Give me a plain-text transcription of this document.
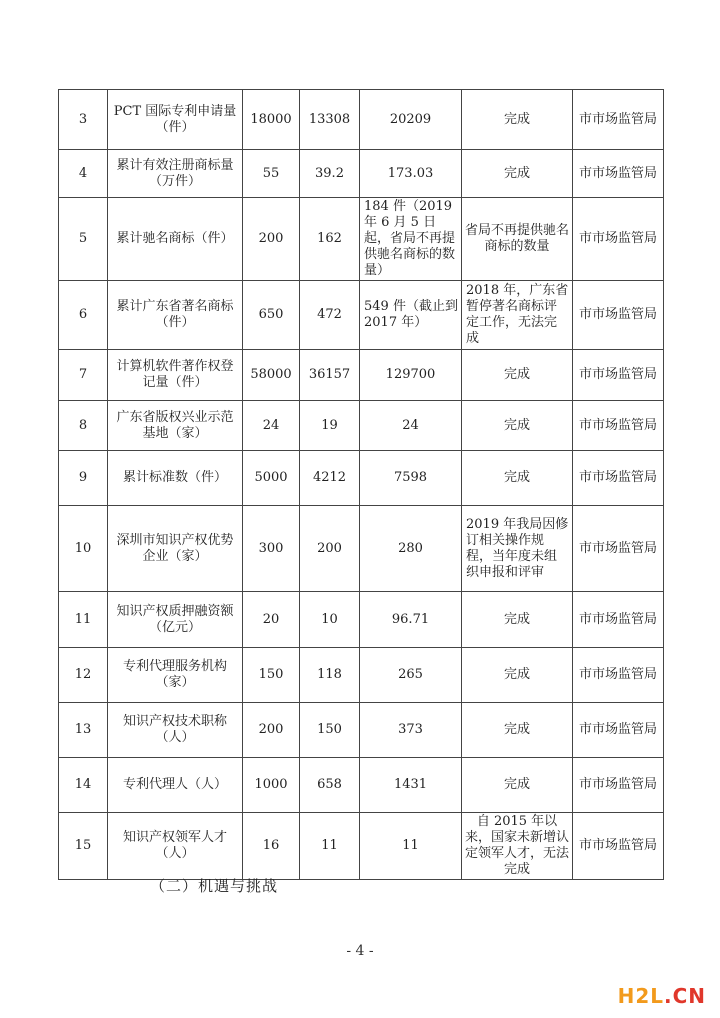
3	PCT 国际专利申请量（件）	18000	13308	20209	完成	市市场监管局
4	累计有效注册商标量（万件）	55	39.2	173.03	完成	市市场监管局
5	累计驰名商标（件）	200	162	184 件（2019 年 6 月 5 日起，省局不再提供驰名商标的数量）	省局不再提供驰名商标的数量	市市场监管局
6	累计广东省著名商标（件）	650	472	549 件（截止到 2017 年）	2018 年，广东省暂停著名商标评定工作，无法完成	市市场监管局
7	计算机软件著作权登记量（件）	58000	36157	129700	完成	市市场监管局
8	广东省版权兴业示范基地（家）	24	19	24	完成	市市场监管局
9	累计标准数（件）	5000	4212	7598	完成	市市场监管局
10	深圳市知识产权优势企业（家）	300	200	280	2019 年我局因修订相关操作规程，当年度未组织申报和评审	市市场监管局
11	知识产权质押融资额（亿元）	20	10	96.71	完成	市市场监管局
12	专利代理服务机构（家）	150	118	265	完成	市市场监管局
13	知识产权技术职称（人）	200	150	373	完成	市市场监管局
14	专利代理人（人）	1000	658	1431	完成	市市场监管局
15	知识产权领军人才（人）	16	11	11	自 2015 年以来，国家未新增认定领军人才，无法完成	市市场监管局
（二）机遇与挑战
- 4 -
H2L.CN
